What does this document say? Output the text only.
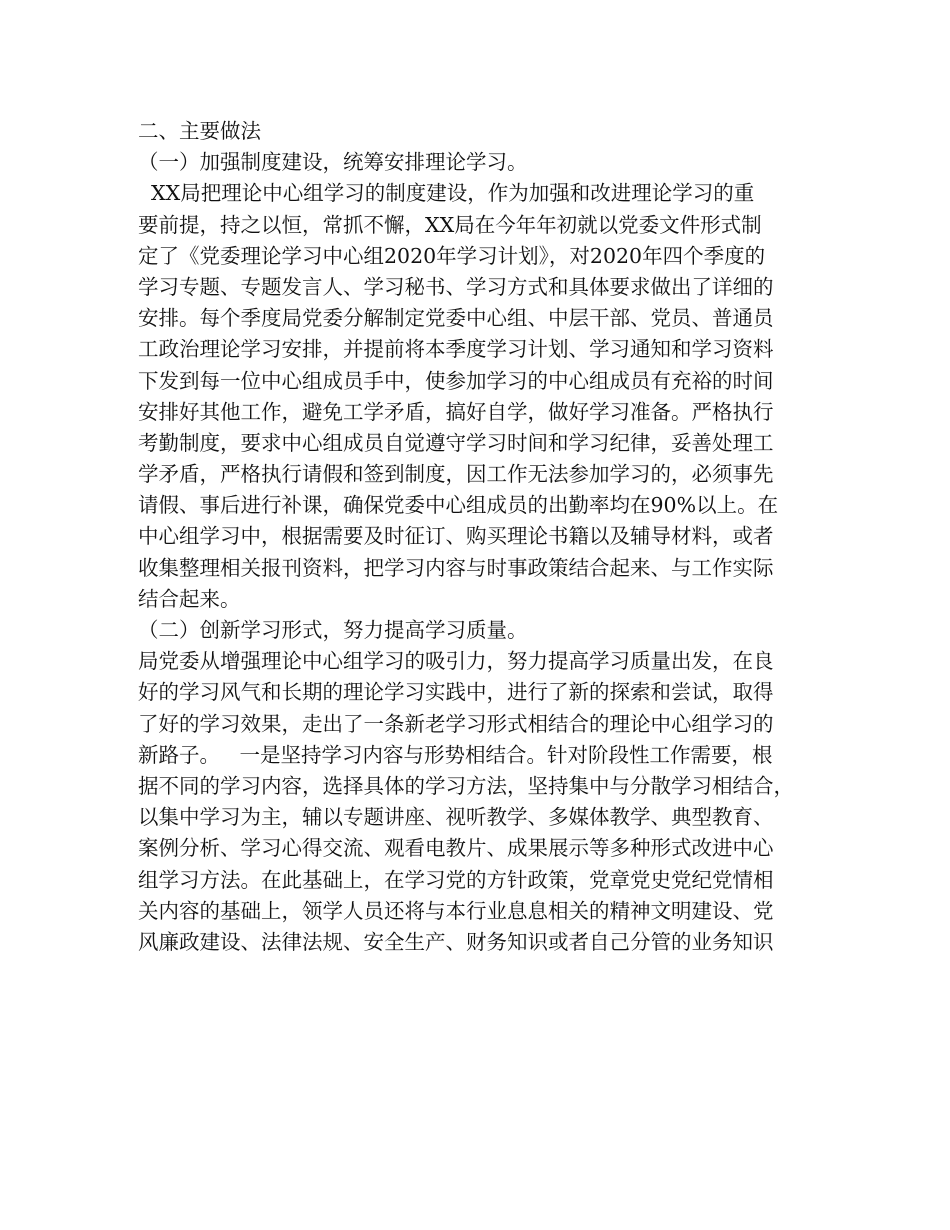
二、主要做法
（一）加强制度建设，统筹安排理论学习。
XX局把理论中心组学习的制度建设，作为加强和改进理论学习的重
要前提，持之以恒，常抓不懈，XX局在今年年初就以党委文件形式制
定了《党委理论学习中心组2020年学习计划》，对2020年四个季度的
学习专题、专题发言人、学习秘书、学习方式和具体要求做出了详细的
安排。每个季度局党委分解制定党委中心组、中层干部、党员、普通员
工政治理论学习安排，并提前将本季度学习计划、学习通知和学习资料
下发到每一位中心组成员手中，使参加学习的中心组成员有充裕的时间
安排好其他工作，避免工学矛盾，搞好自学，做好学习准备。严格执行
考勤制度，要求中心组成员自觉遵守学习时间和学习纪律，妥善处理工
学矛盾，严格执行请假和签到制度，因工作无法参加学习的，必须事先
请假、事后进行补课，确保党委中心组成员的出勤率均在90%以上。在
中心组学习中，根据需要及时征订、购买理论书籍以及辅导材料，或者
收集整理相关报刊资料，把学习内容与时事政策结合起来、与工作实际
结合起来。
（二）创新学习形式，努力提高学习质量。
局党委从增强理论中心组学习的吸引力，努力提高学习质量出发，在良
好的学习风气和长期的理论学习实践中，进行了新的探索和尝试，取得
了好的学习效果，走出了一条新老学习形式相结合的理论中心组学习的
新路子。   一是坚持学习内容与形势相结合。针对阶段性工作需要，根
据不同的学习内容，选择具体的学习方法，坚持集中与分散学习相结合，
以集中学习为主，辅以专题讲座、视听教学、多媒体教学、典型教育、
案例分析、学习心得交流、观看电教片、成果展示等多种形式改进中心
组学习方法。在此基础上，在学习党的方针政策，党章党史党纪党情相
关内容的基础上，领学人员还将与本行业息息相关的精神文明建设、党
风廉政建设、法律法规、安全生产、财务知识或者自己分管的业务知识
